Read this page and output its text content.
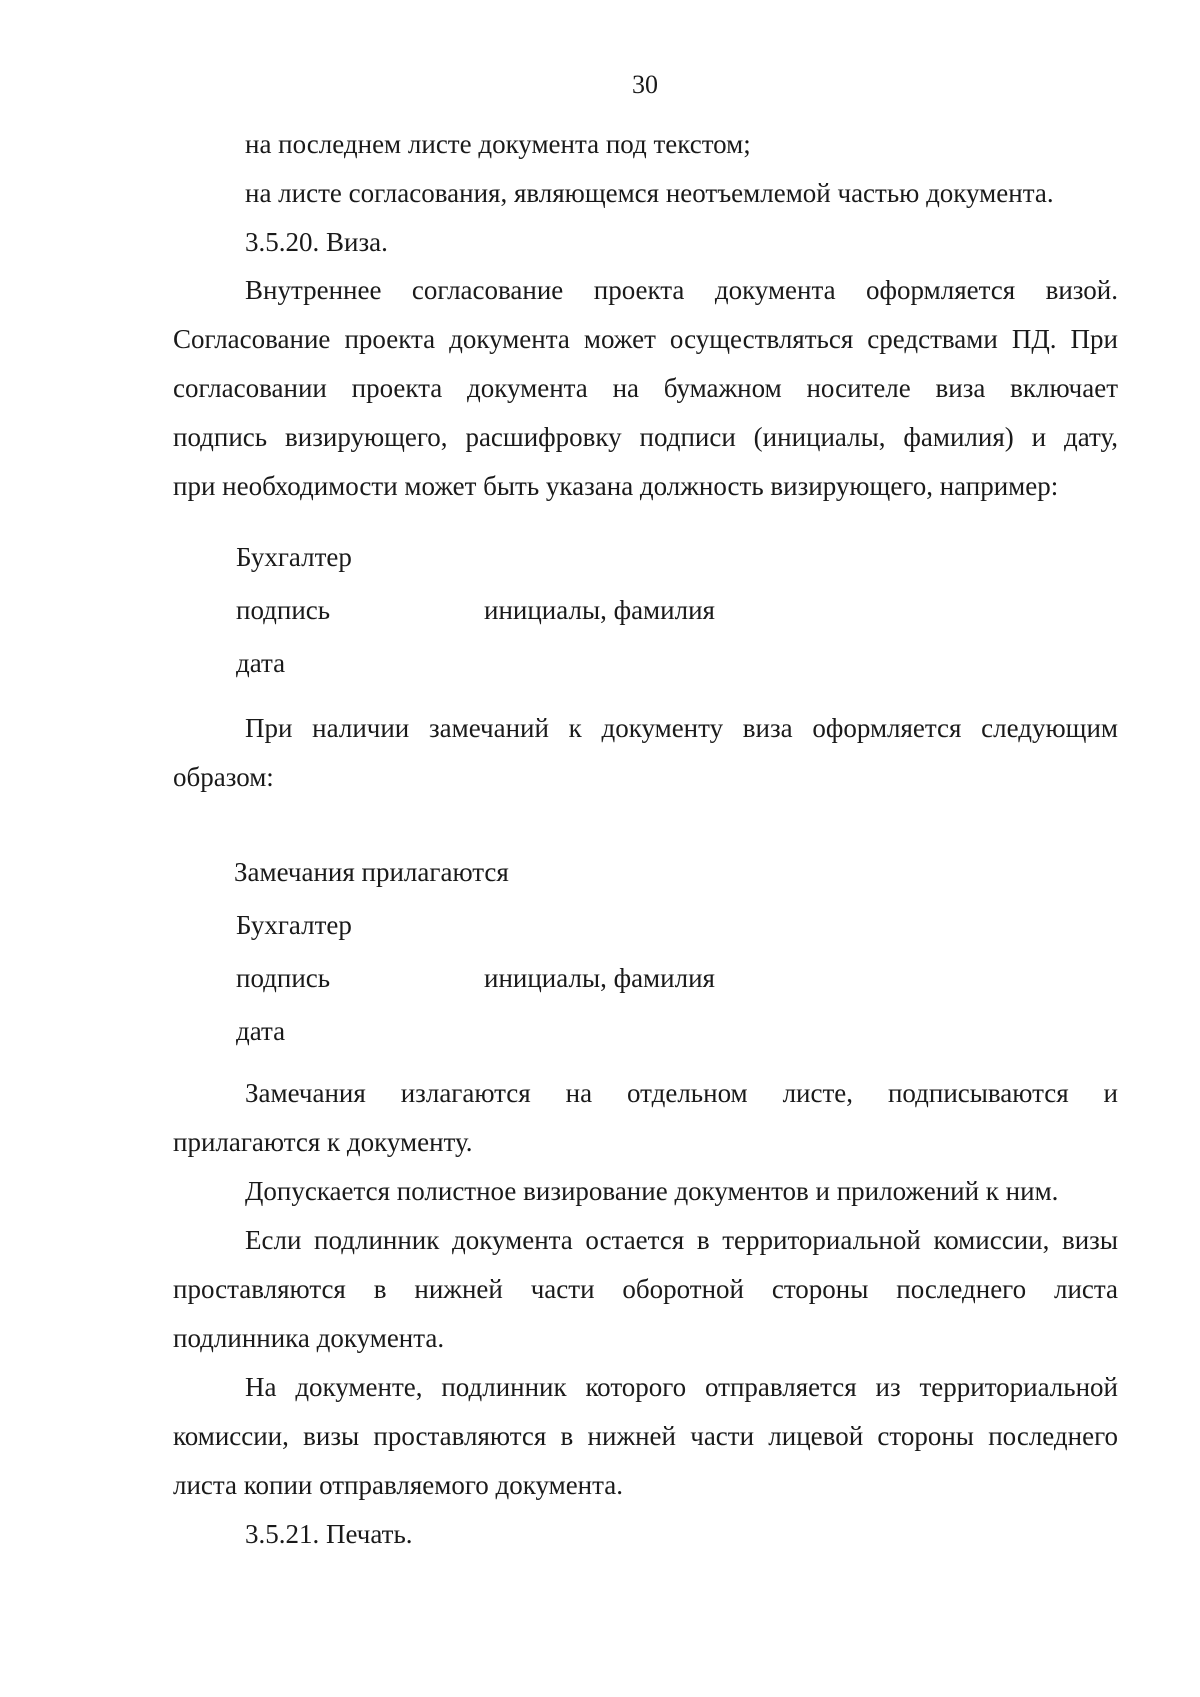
30
на последнем листе документа под текстом;
на листе согласования, являющемся неотъемлемой частью документа.
3.5.20. Виза.
Внутреннее согласование проекта документа оформляется визой.
Согласование проекта документа может осуществляться средствами ПД. При
согласовании проекта документа на бумажном носителе виза включает
подпись визирующего, расшифровку подписи (инициалы, фамилия) и дату,
при необходимости может быть указана должность визирующего, например:
Бухгалтер
подпись	инициалы, фамилия
дата
При наличии замечаний к документу виза оформляется следующим
образом:
Замечания прилагаются
Бухгалтер
подпись	инициалы, фамилия
дата
Замечания излагаются на отдельном листе, подписываются и
прилагаются к документу.
Допускается полистное визирование документов и приложений к ним.
Если подлинник документа остается в территориальной комиссии, визы
проставляются в нижней части оборотной стороны последнего листа
подлинника документа.
На документе, подлинник которого отправляется из территориальной
комиссии, визы проставляются в нижней части лицевой стороны последнего
листа копии отправляемого документа.
3.5.21. Печать.
